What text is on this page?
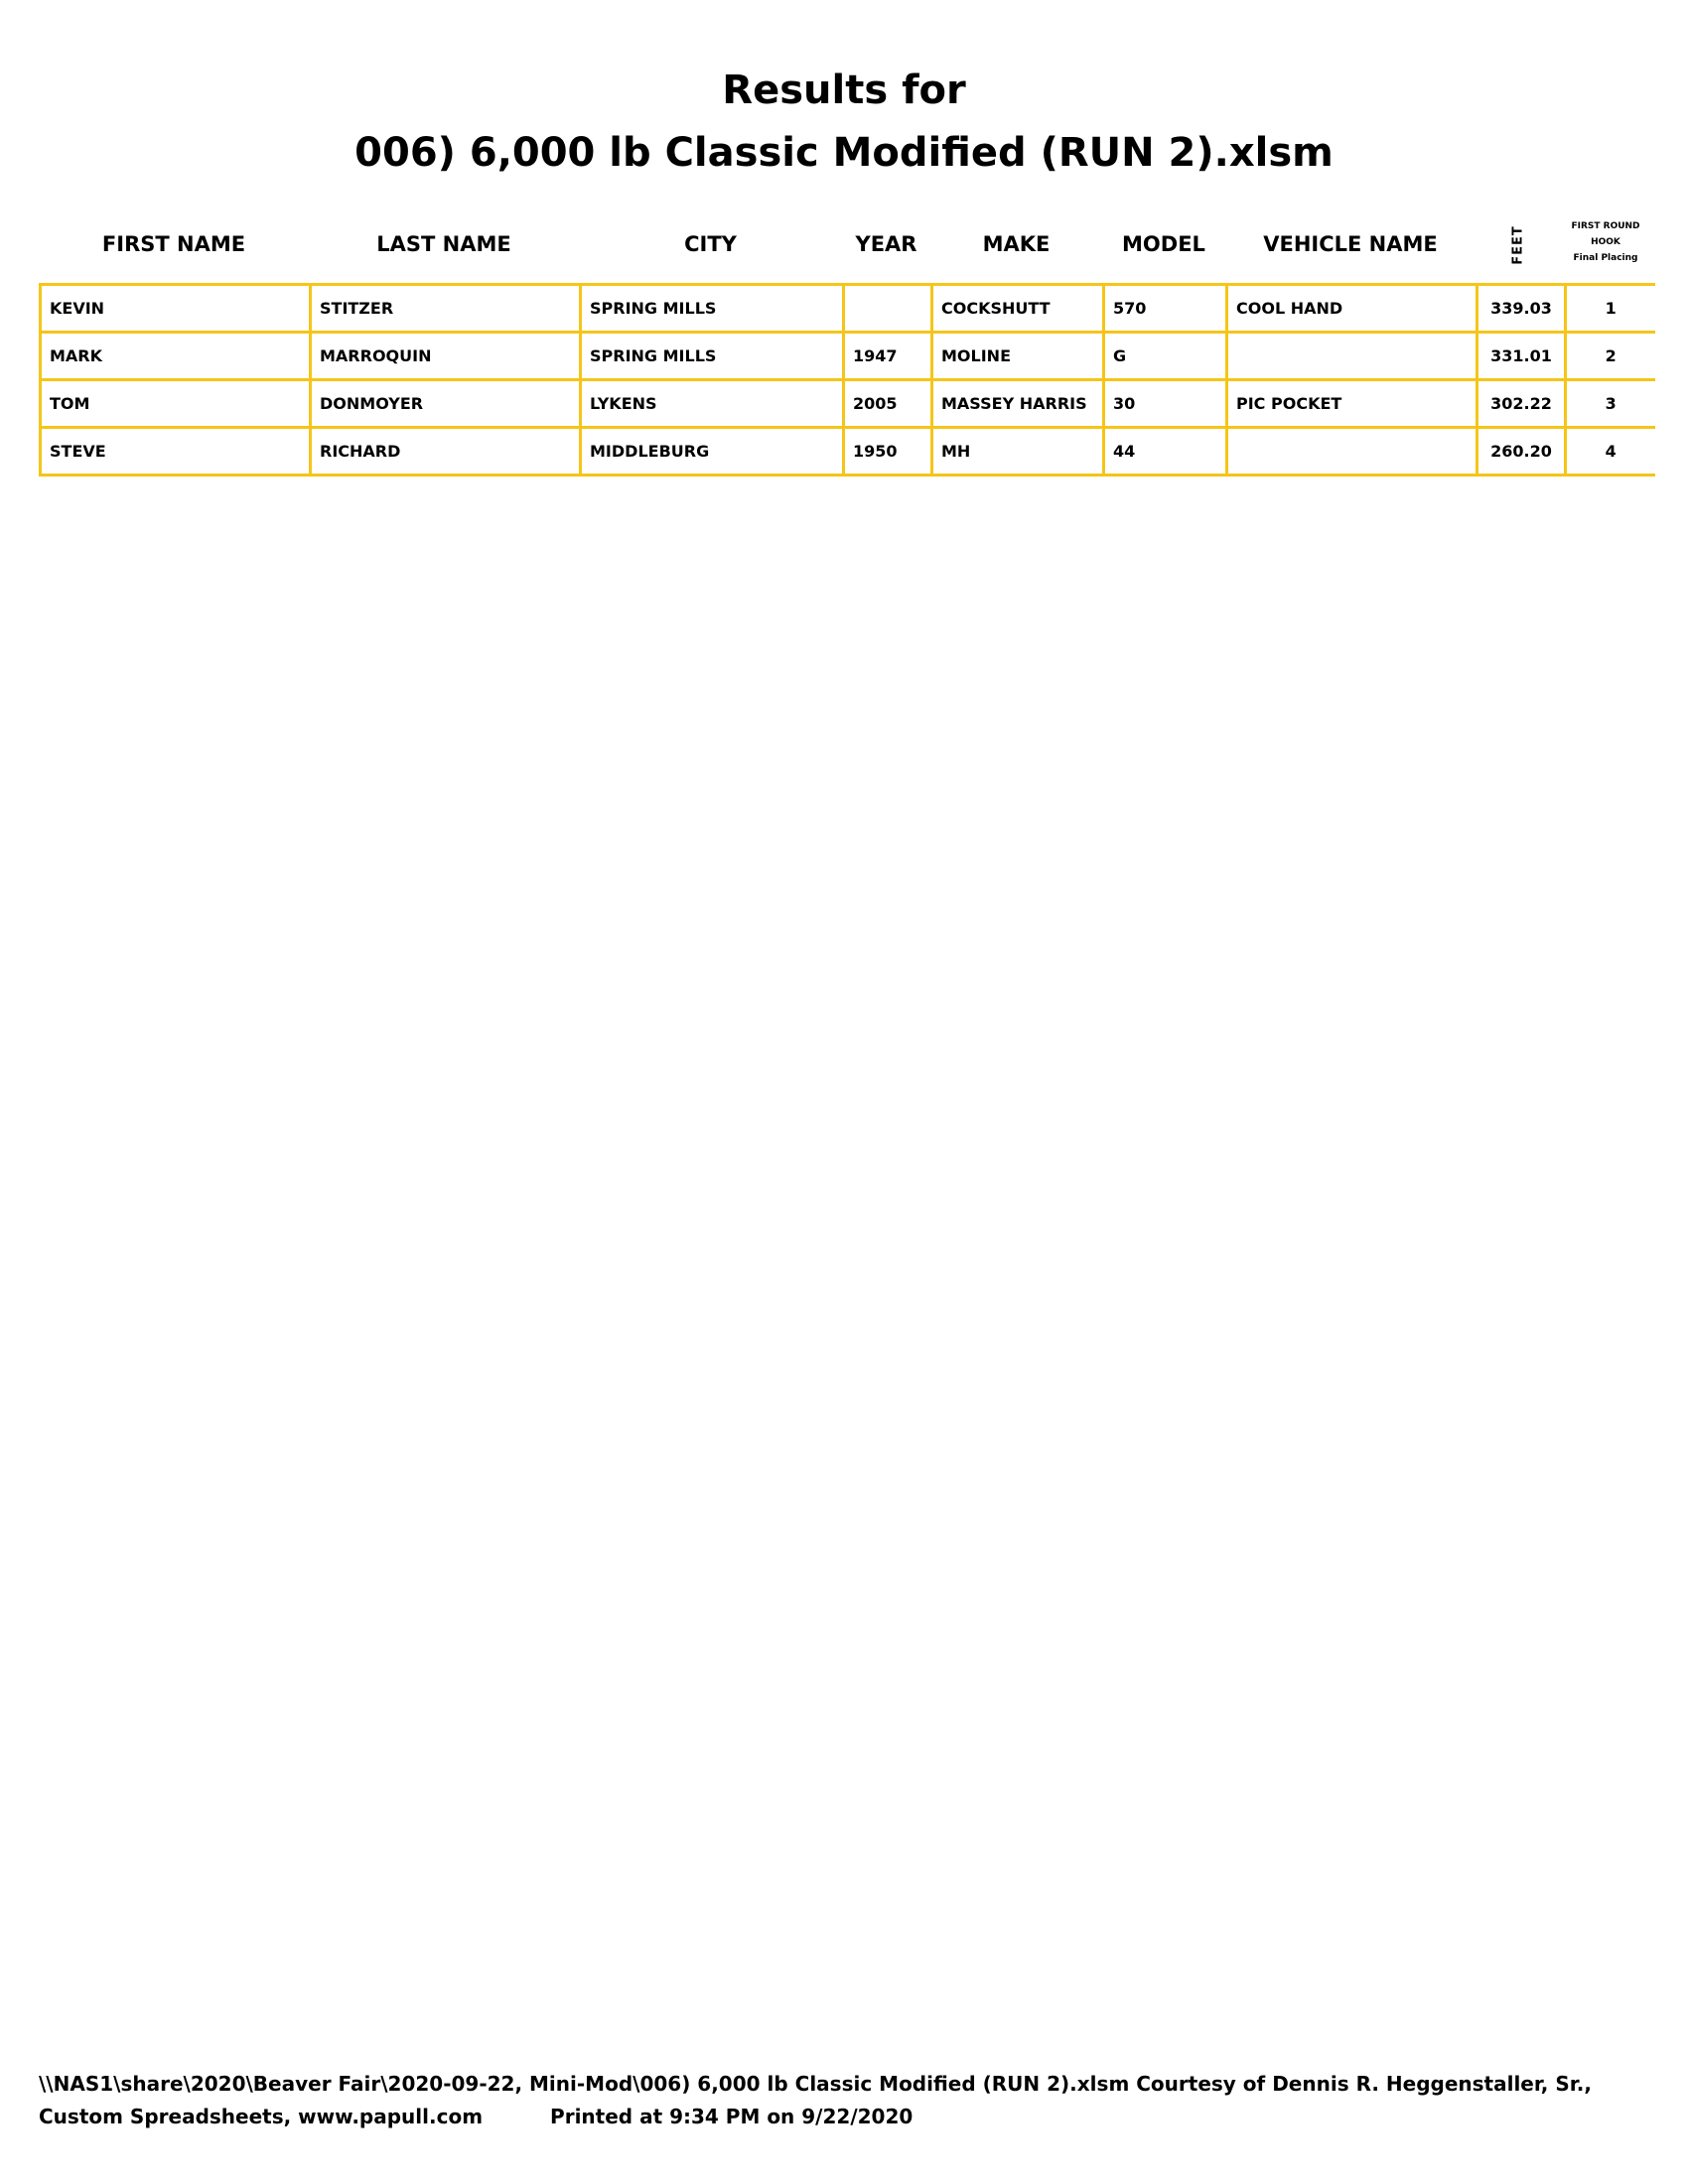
Results for
006) 6,000 lb Classic Modified (RUN 2).xlsm
FIRST NAME	LAST NAME	CITY	YEAR	MAKE	MODEL	VEHICLE NAME	FEET	FIRST ROUND
HOOK
Final Placing
KEVIN	STITZER	SPRING MILLS		COCKSHUTT	570	COOL HAND	339.03	1
MARK	MARROQUIN	SPRING MILLS	1947	MOLINE	G		331.01	2
TOM	DONMOYER	LYKENS	2005	MASSEY HARRIS	30	PIC POCKET	302.22	3
STEVE	RICHARD	MIDDLEBURG	1950	MH	44		260.20	4
\\NAS1\share\2020\Beaver Fair\2020-09-22, Mini-Mod\006) 6,000 lb Classic Modified (RUN 2).xlsm Courtesy of Dennis R. Heggenstaller, Sr.,
Custom Spreadsheets, www.papull.com	Printed at 9:34 PM on 9/22/2020
